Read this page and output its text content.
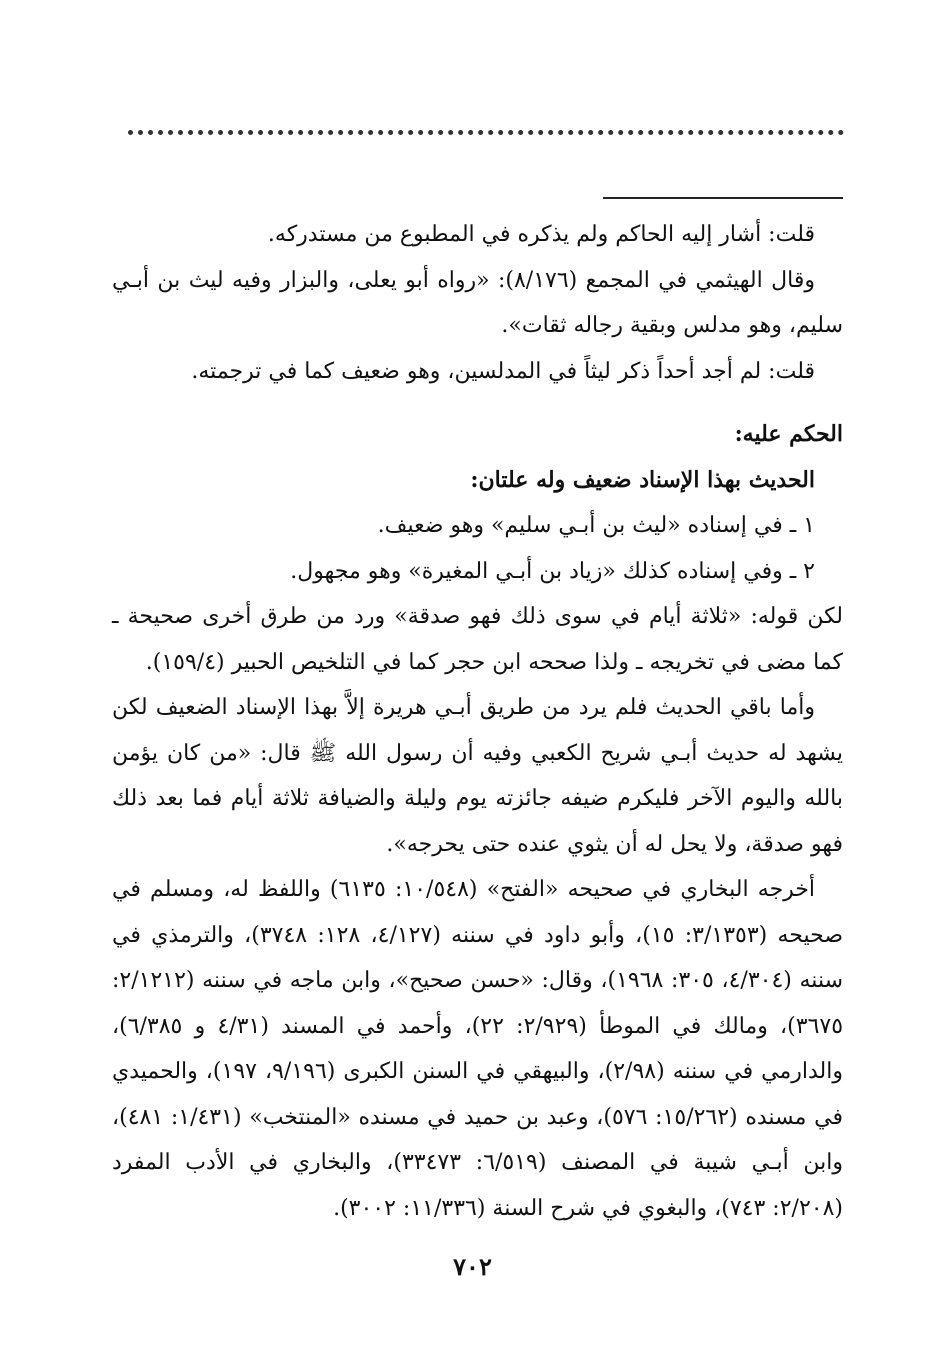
قلت: أشار إليه الحاكم ولم يذكره في المطبوع من مستدركه.

وقال الهيثمي في المجمع (٨/١٧٦): «رواه أبو يعلى، والبزار وفيه ليث بن أبـي سليم، وهو مدلس وبقية رجاله ثقات».

قلت: لم أجد أحداً ذكر ليثاً في المدلسين، وهو ضعيف كما في ترجمته.

الحكم عليه:

الحديث بهذا الإسناد ضعيف وله علتان:

١ ـ في إسناده «ليث بن أبـي سليم» وهو ضعيف.

٢ ـ وفي إسناده كذلك «زياد بن أبـي المغيرة» وهو مجهول.

لكن قوله: «ثلاثة أيام في سوى ذلك فهو صدقة» ورد من طرق أخرى صحيحة ـ كما مضى في تخريجه ـ ولذا صححه ابن حجر كما في التلخيص الحبير (١٥٩/٤).

وأما باقي الحديث فلم يرد من طريق أبـي هريرة إلاَّ بهذا الإسناد الضعيف لكن يشهد له حديث أبـي شريح الكعبي وفيه أن رسول الله ﷺ قال: «من كان يؤمن بالله واليوم الآخر فليكرم ضيفه جائزته يوم وليلة والضيافة ثلاثة أيام فما بعد ذلك فهو صدقة، ولا يحل له أن يثوي عنده حتى يحرجه».

أخرجه البخاري في صحيحه «الفتح» (١٠/٥٤٨: ٦١٣٥) واللفظ له، ومسلم في صحيحه (٣/١٣٥٣: ١٥)، وأبو داود في سننه (٤/١٢٧، ١٢٨: ٣٧٤٨)، والترمذي في سننه (٤/٣٠٤، ٣٠٥: ١٩٦٨)، وقال: «حسن صحيح»، وابن ماجه في سننه (٢/١٢١٢: ٣٦٧٥)، ومالك في الموطأ (٢/٩٢٩: ٢٢)، وأحمد في المسند (٤/٣١ و ٦/٣٨٥)، والدارمي في سننه (٢/٩٨)، والبيهقي في السنن الكبرى (٩/١٩٦، ١٩٧)، والحميدي في مسنده (١٥/٢٦٢: ٥٧٦)، وعبد بن حميد في مسنده «المنتخب» (١/٤٣١: ٤٨١)، وابن أبـي شيبة في المصنف (٦/٥١٩: ٣٣٤٧٣)، والبخاري في الأدب المفرد (٢/٢٠٨: ٧٤٣)، والبغوي في شرح السنة (١١/٣٣٦: ٣٠٠٢).

٧٠٢
